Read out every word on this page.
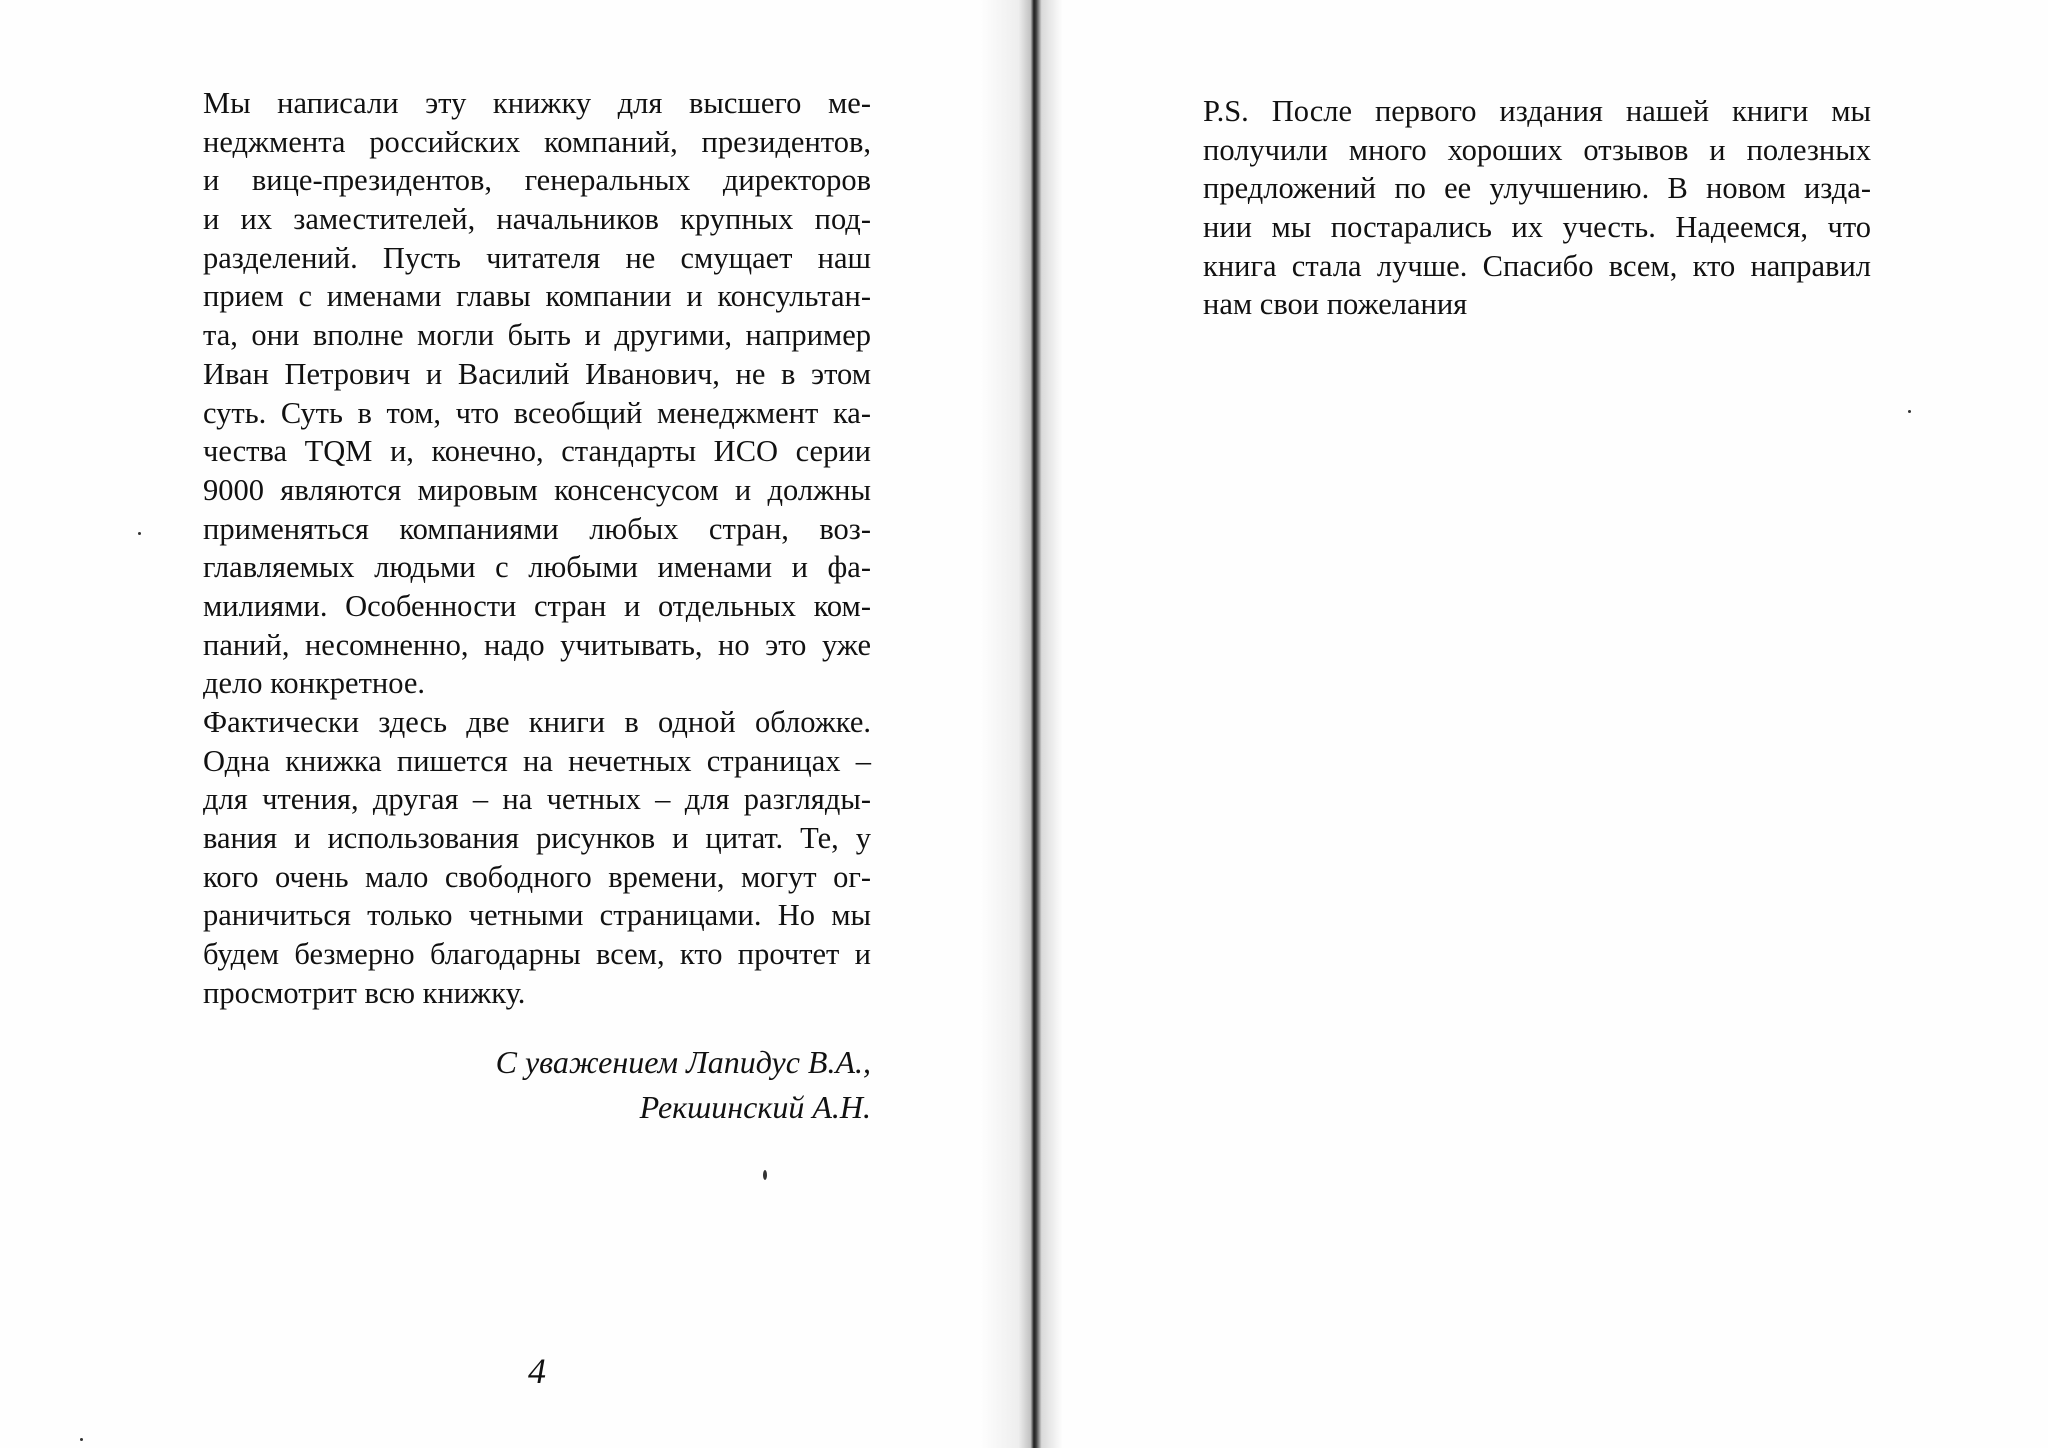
Мы написали эту книжку для высшего ме-
неджмента российских компаний, президентов,
и вице-президентов, генеральных директоров
и их заместителей, начальников крупных под-
разделений. Пусть читателя не смущает наш
прием с именами главы компании и консультан-
та, они вполне могли быть и другими, например
Иван Петрович и Василий Иванович, не в этом
суть. Суть в том, что всеобщий менеджмент ка-
чества TQM и, конечно, стандарты ИСО серии
9000 являются мировым консенсусом и должны
применяться компаниями любых стран, воз-
главляемых людьми с любыми именами и фа-
милиями. Особенности стран и отдельных ком-
паний, несомненно, надо учитывать, но это уже
дело конкретное.
Фактически здесь две книги в одной обложке.
Одна книжка пишется на нечетных страницах –
для чтения, другая – на четных – для разгляды-
вания и использования рисунков и цитат. Те, у
кого очень мало свободного времени, могут ог-
раничиться только четными страницами. Но мы
будем безмерно благодарны всем, кто прочтет и
просмотрит всю книжку.
С уважением Лапидус В.А.,
Рекшинский А.Н.
4
P.S. После первого издания нашей книги мы
получили много хороших отзывов и полезных
предложений по ее улучшению. В новом изда-
нии мы постарались их учесть. Надеемся, что
книга стала лучше. Спасибо всем, кто направил
нам свои пожелания
